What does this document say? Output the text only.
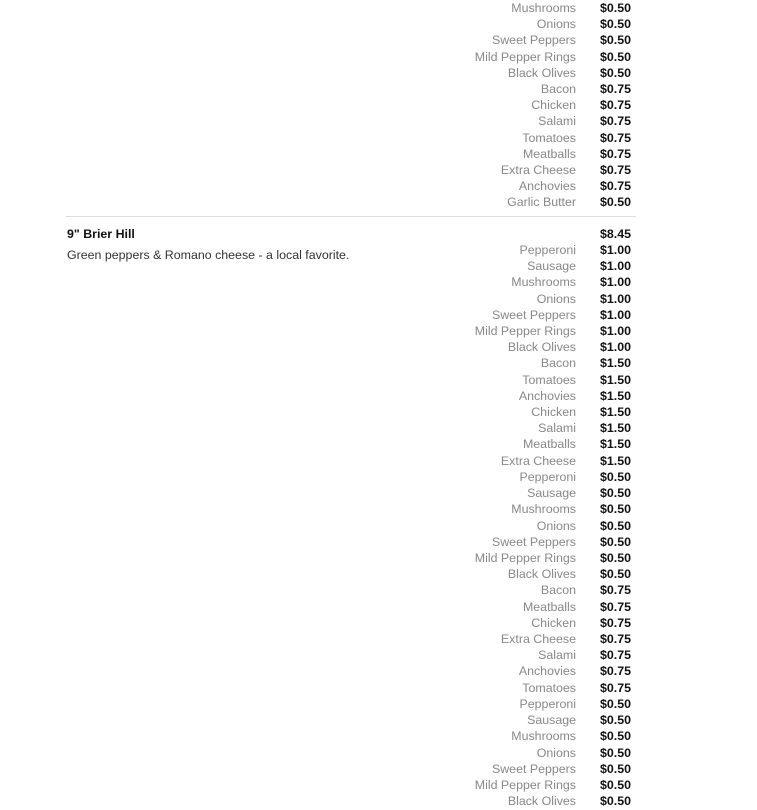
Mushrooms $0.50
Onions $0.50
Sweet Peppers $0.50
Mild Pepper Rings $0.50
Black Olives $0.50
Bacon $0.75
Chicken $0.75
Salami $0.75
Tomatoes $0.75
Meatballs $0.75
Extra Cheese $0.75
Anchovies $0.75
Garlic Butter $0.50
9" Brier Hill
Green peppers & Romano cheese - a local favorite.
$8.45
Pepperoni $1.00
Sausage $1.00
Mushrooms $1.00
Onions $1.00
Sweet Peppers $1.00
Mild Pepper Rings $1.00
Black Olives $1.00
Bacon $1.50
Tomatoes $1.50
Anchovies $1.50
Chicken $1.50
Salami $1.50
Meatballs $1.50
Extra Cheese $1.50
Pepperoni $0.50
Sausage $0.50
Mushrooms $0.50
Onions $0.50
Sweet Peppers $0.50
Mild Pepper Rings $0.50
Black Olives $0.50
Bacon $0.75
Meatballs $0.75
Chicken $0.75
Extra Cheese $0.75
Salami $0.75
Anchovies $0.75
Tomatoes $0.75
Pepperoni $0.50
Sausage $0.50
Mushrooms $0.50
Onions $0.50
Sweet Peppers $0.50
Mild Pepper Rings $0.50
Black Olives $0.50
